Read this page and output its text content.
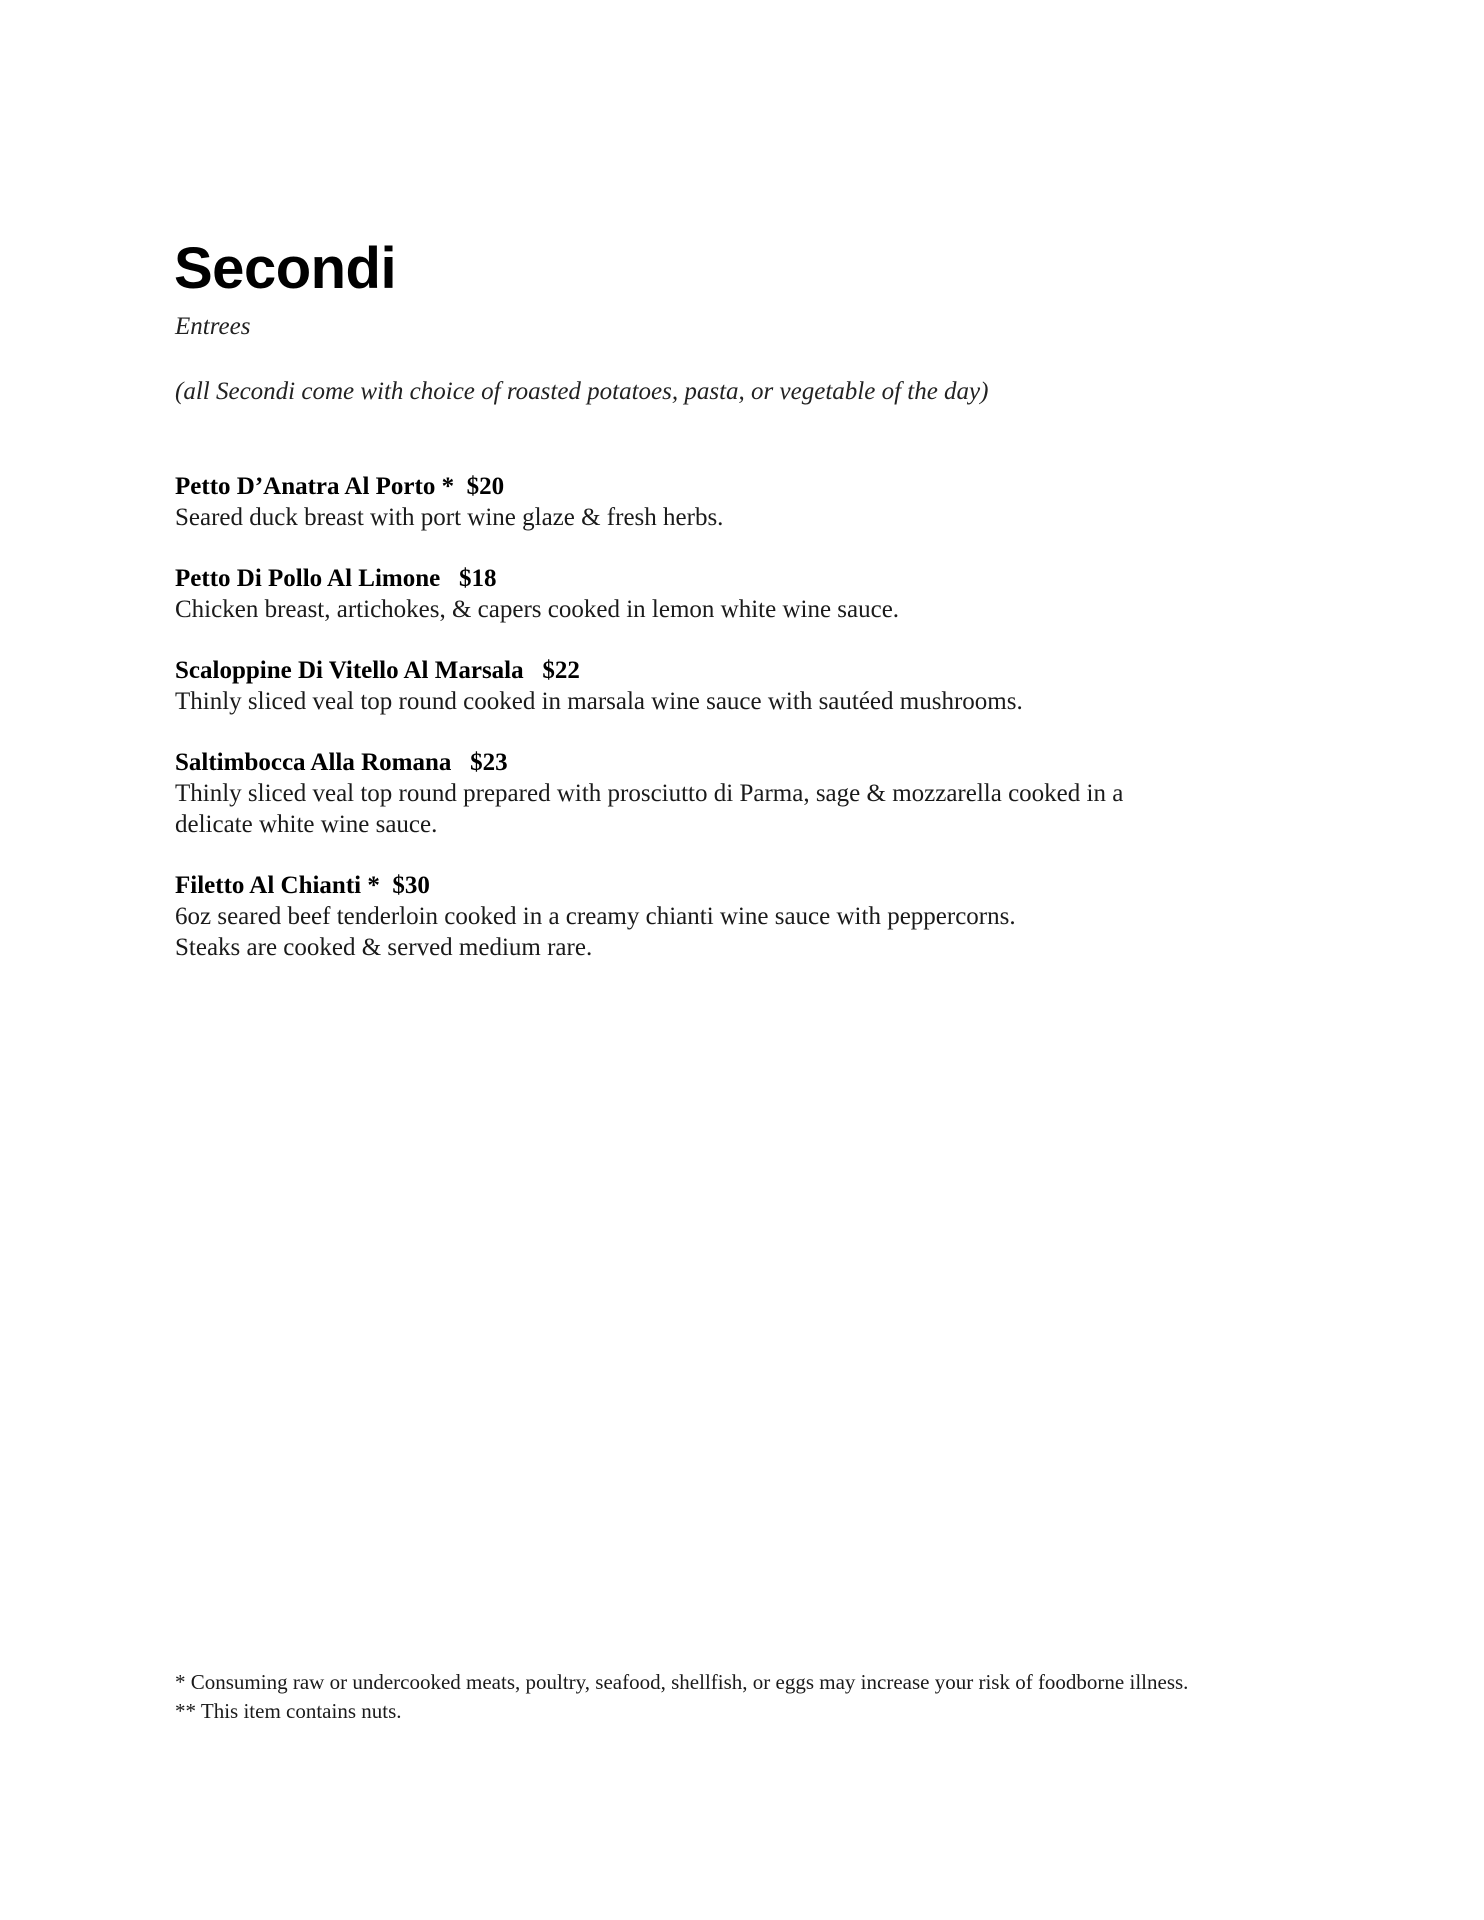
Secondi
Entrees
(all Secondi come with choice of roasted potatoes, pasta, or vegetable of the day)
Petto D’Anatra Al Porto * $20
Seared duck breast with port wine glaze & fresh herbs.
Petto Di Pollo Al Limone $18
Chicken breast, artichokes, & capers cooked in lemon white wine sauce.
Scaloppine Di Vitello Al Marsala $22
Thinly sliced veal top round cooked in marsala wine sauce with sautéed mushrooms.
Saltimbocca Alla Romana $23
Thinly sliced veal top round prepared with prosciutto di Parma, sage & mozzarella cooked in a
delicate white wine sauce.
Filetto Al Chianti * $30
6oz seared beef tenderloin cooked in a creamy chianti wine sauce with peppercorns.
Steaks are cooked & served medium rare.
* Consuming raw or undercooked meats, poultry, seafood, shellfish, or eggs may increase your risk of foodborne illness.
** This item contains nuts.
